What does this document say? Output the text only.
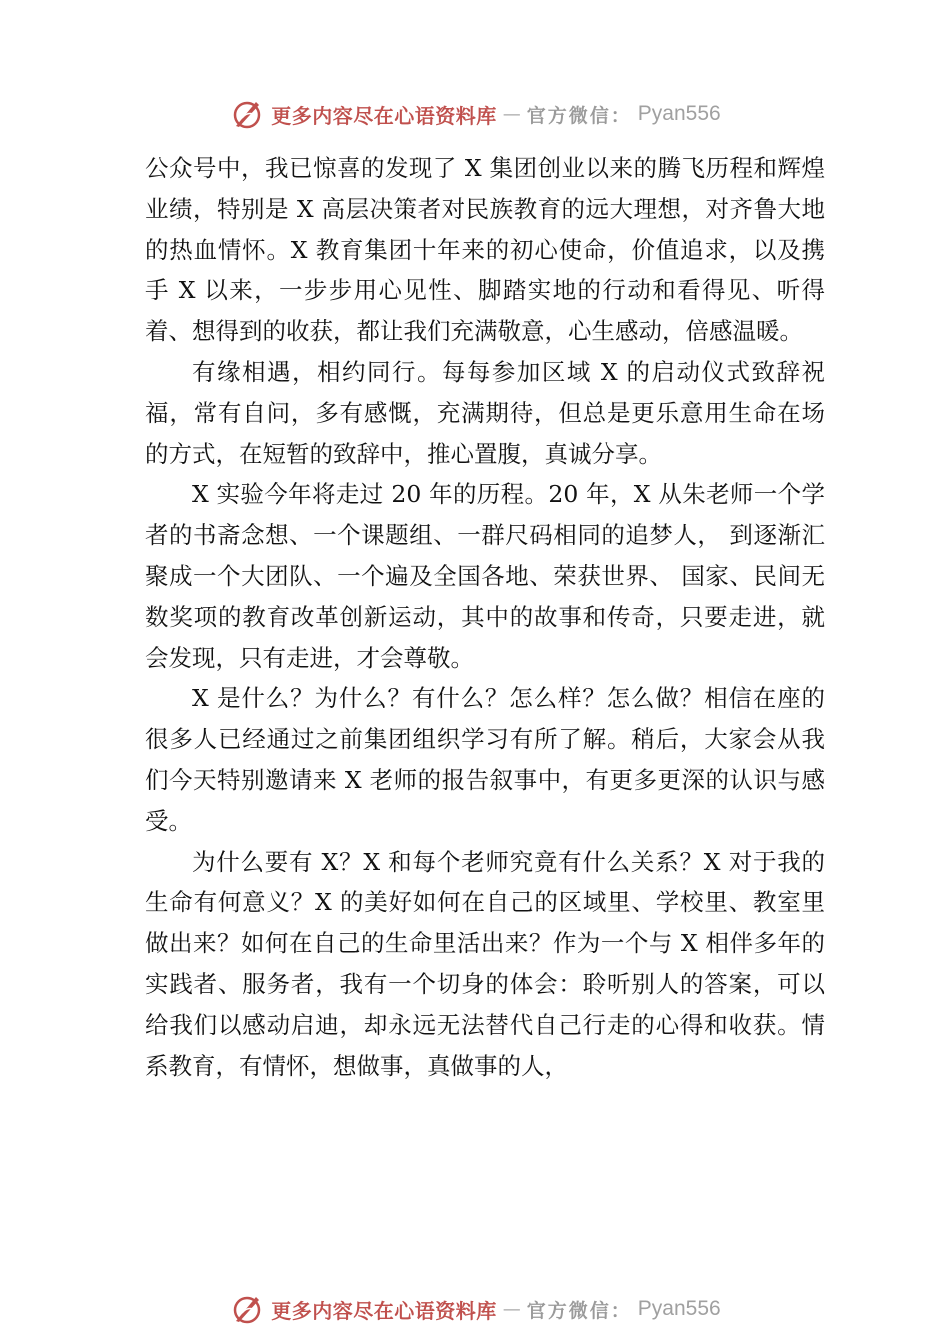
更多内容尽在心语资料库 — 官方微信： Pyan556

公众号中，我已惊喜的发现了 X 集团创业以来的腾飞历程和辉煌业绩，特别是 X 高层决策者对民族教育的远大理想，对齐鲁大地的热血情怀。X 教育集团十年来的初心使命，价值追求，以及携手 X 以来，一步步用心见性、脚踏实地的行动和看得见、听得着、想得到的收获，都让我们充满敬意，心生感动，倍感温暖。

有缘相遇，相约同行。每每参加区域 X 的启动仪式致辞祝福，常有自问，多有感慨，充满期待，但总是更乐意用生命在场的方式，在短暂的致辞中，推心置腹，真诚分享。

X 实验今年将走过 20 年的历程。20 年，X 从朱老师一个学者的书斋念想、一个课题组、一群尺码相同的追梦人， 到逐渐汇聚成一个大团队、一个遍及全国各地、荣获世界、 国家、民间无数奖项的教育改革创新运动，其中的故事和传奇，只要走进，就会发现，只有走进，才会尊敬。

X 是什么？为什么？有什么？怎么样？怎么做？相信在座的很多人已经通过之前集团组织学习有所了解。稍后，大家会从我们今天特别邀请来 X 老师的报告叙事中，有更多更深的认识与感受。

为什么要有 X？X 和每个老师究竟有什么关系？X 对于我的生命有何意义？X 的美好如何在自己的区域里、学校里、教室里做出来？如何在自己的生命里活出来？作为一个与 X 相伴多年的实践者、服务者，我有一个切身的体会：聆听别人的答案，可以给我们以感动启迪，却永远无法替代自己行走的心得和收获。情系教育，有情怀，想做事，真做事的人，

更多内容尽在心语资料库 — 官方微信： Pyan556
